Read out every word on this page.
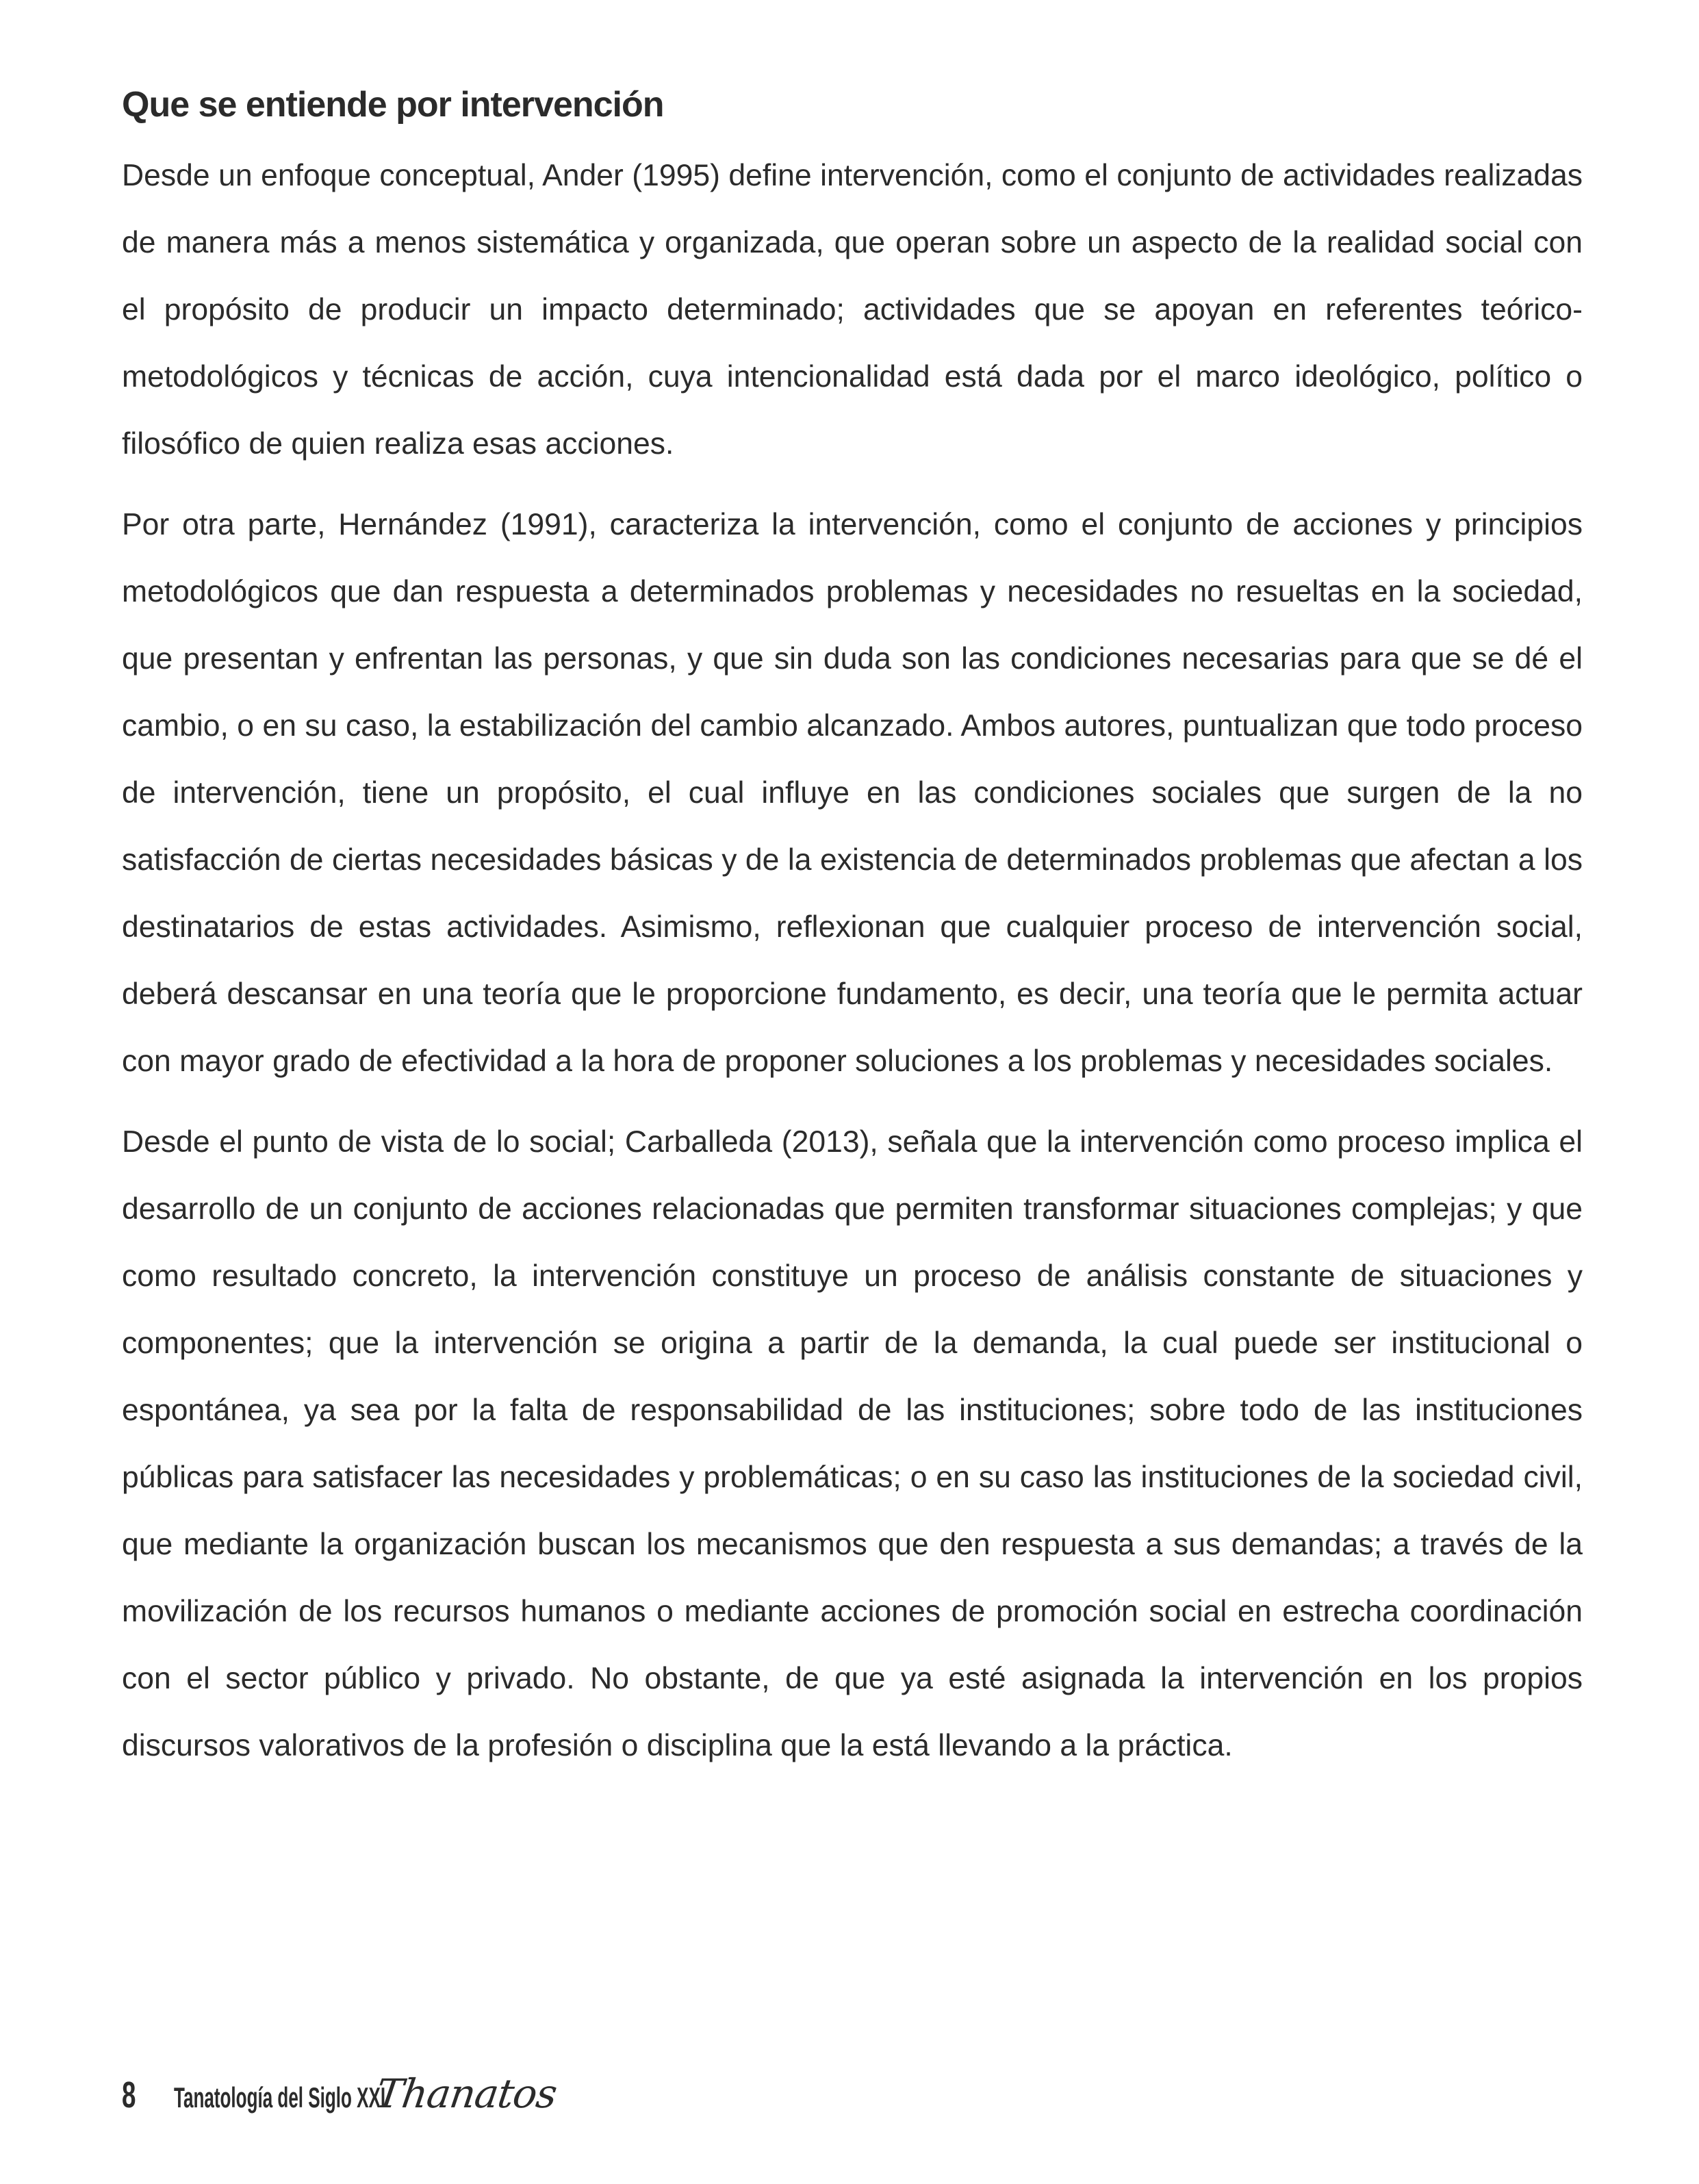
Que se entiende por intervención

Desde un enfoque conceptual, Ander (1995) define intervención, como el conjunto de actividades realizadas de manera más a menos sistemática y organizada, que operan sobre un aspecto de la realidad social con el propósito de producir un impacto determinado; actividades que se apoyan en referentes teórico-metodológicos y técnicas de acción, cuya intencionalidad está dada por el marco ideológico, político o filosófico de quien realiza esas acciones.

Por otra parte, Hernández (1991), caracteriza la intervención, como el conjunto de acciones y principios metodológicos que dan respuesta a determinados problemas y necesidades no resueltas en la sociedad, que presentan y enfrentan las personas, y que sin duda son las condiciones necesarias para que se dé el cambio, o en su caso, la estabilización del cambio alcanzado. Ambos autores, puntualizan que todo proceso de intervención, tiene un propósito, el cual influye en las condiciones sociales que surgen de la no satisfacción de ciertas necesidades básicas y de la existencia de determinados problemas que afectan a los destinatarios de estas actividades. Asimismo, reflexionan que cualquier proceso de intervención social, deberá descansar en una teoría que le proporcione fundamento, es decir, una teoría que le permita actuar con mayor grado de efectividad a la hora de proponer soluciones a los problemas y necesidades sociales.

Desde el punto de vista de lo social; Carballeda (2013), señala que la intervención como proceso implica el desarrollo de un conjunto de acciones relacionadas que permiten transformar situaciones complejas; y que como resultado concreto, la intervención constituye un proceso de análisis constante de situaciones y componentes; que la intervención se origina a partir de la demanda, la cual puede ser institucional o espontánea, ya sea por la falta de responsabilidad de las instituciones; sobre todo de las instituciones públicas para satisfacer las necesidades y problemáticas; o en su caso las instituciones de la sociedad civil, que mediante la organización buscan los mecanismos que den respuesta a sus demandas; a través de la movilización de los recursos humanos o mediante acciones de promoción social en estrecha coordinación con el sector público y privado. No obstante, de que ya esté asignada la intervención en los propios discursos valorativos de la profesión o disciplina que la está llevando a la práctica.

8 Tanatología del Siglo XXI
Thanatos
